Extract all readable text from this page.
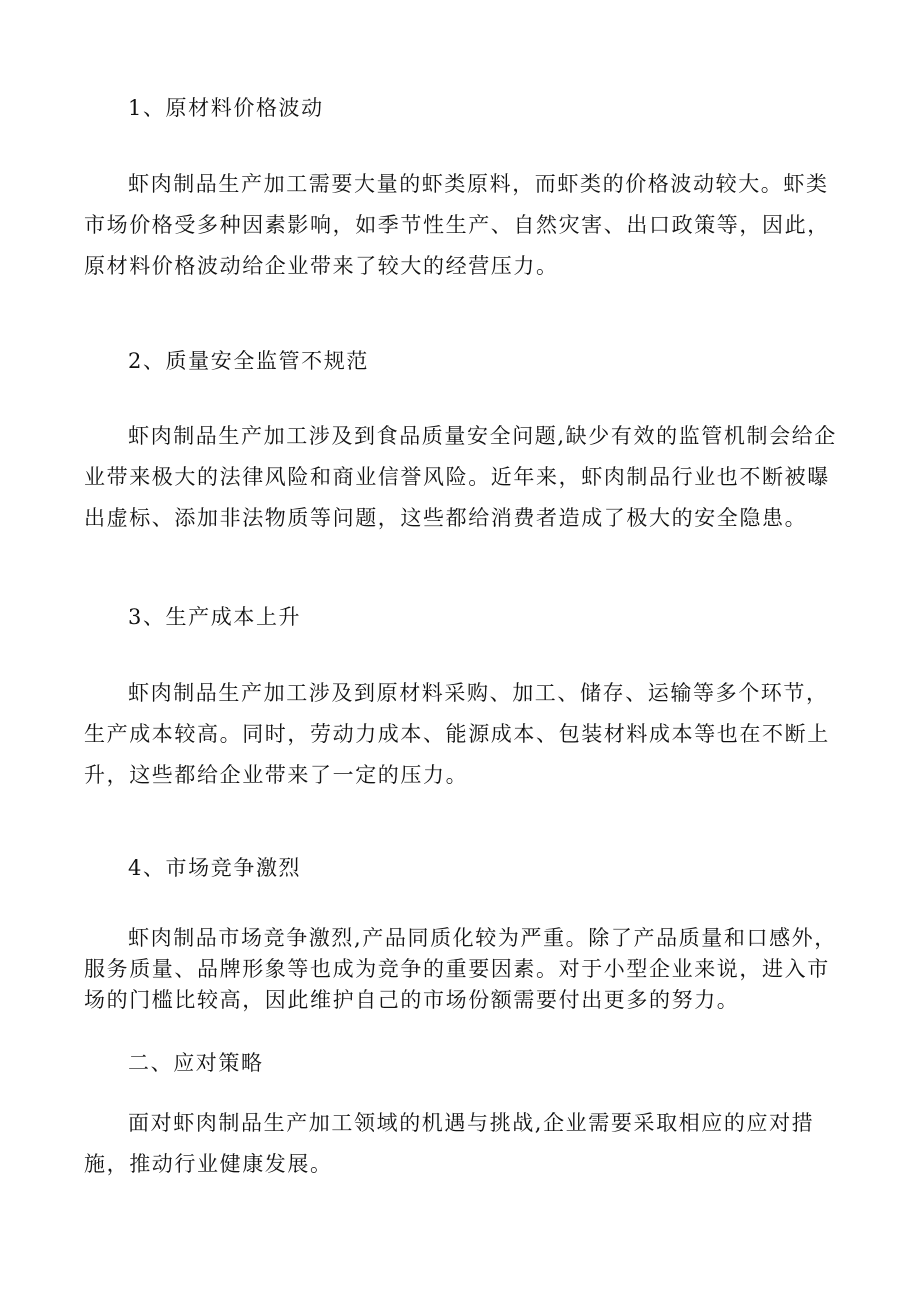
1、原材料价格波动

虾肉制品生产加工需要大量的虾类原料，而虾类的价格波动较大。虾类市场价格受多种因素影响，如季节性生产、自然灾害、出口政策等，因此，原材料价格波动给企业带来了较大的经营压力。

2、质量安全监管不规范

虾肉制品生产加工涉及到食品质量安全问题,缺少有效的监管机制会给企业带来极大的法律风险和商业信誉风险。近年来，虾肉制品行业也不断被曝出虚标、添加非法物质等问题，这些都给消费者造成了极大的安全隐患。

3、生产成本上升

虾肉制品生产加工涉及到原材料采购、加工、储存、运输等多个环节，生产成本较高。同时，劳动力成本、能源成本、包装材料成本等也在不断上升，这些都给企业带来了一定的压力。

4、市场竞争激烈

虾肉制品市场竞争激烈,产品同质化较为严重。除了产品质量和口感外，服务质量、品牌形象等也成为竞争的重要因素。对于小型企业来说，进入市场的门槛比较高，因此维护自己的市场份额需要付出更多的努力。

二、应对策略

面对虾肉制品生产加工领域的机遇与挑战,企业需要采取相应的应对措施，推动行业健康发展。
